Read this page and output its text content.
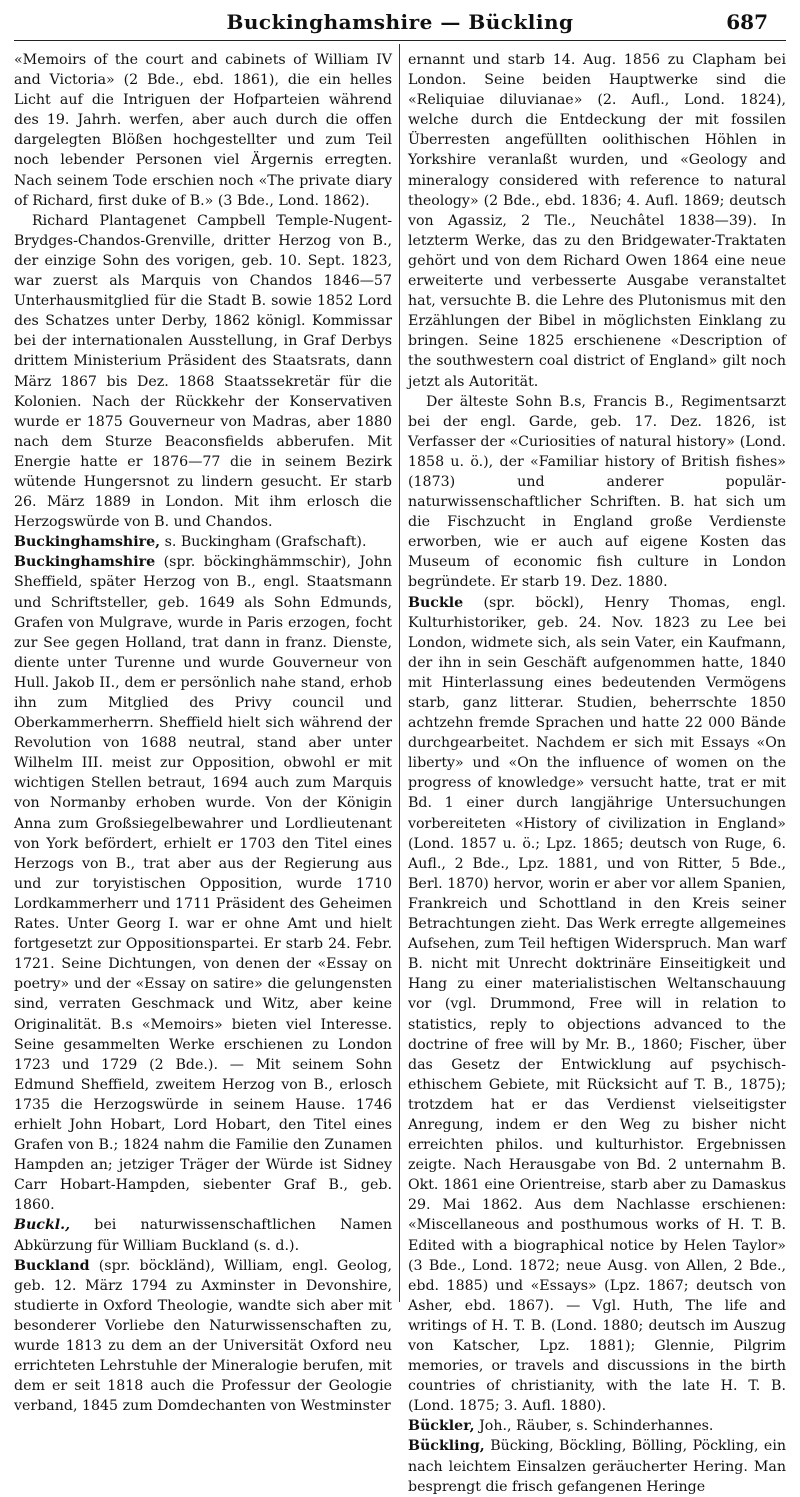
Buckinghamshire — Bückling	687

«Memoirs of the court and cabinets of William IV and Victoria» (2 Bde., ebd. 1861), die ein helles Licht auf die Intriguen der Hofparteien während des 19. Jahrh. werfen, aber auch durch die offen dargelegten Blößen hochgestellter und zum Teil noch lebender Personen viel Ärgernis erregten. Nach seinem Tode erschien noch «The private diary of Richard, first duke of B.» (3 Bde., Lond. 1862).

Richard Plantagenet Campbell Temple-Nugent-Brydges-Chandos-Grenville, dritter Herzog von B., der einzige Sohn des vorigen, geb. 10. Sept. 1823, war zuerst als Marquis von Chandos 1846—57 Unterhausmitglied für die Stadt B. sowie 1852 Lord des Schatzes unter Derby, 1862 königl. Kommissar bei der internationalen Ausstellung, in Graf Derbys drittem Ministerium Präsident des Staatsrats, dann März 1867 bis Dez. 1868 Staatssekretär für die Kolonien. Nach der Rückkehr der Konservativen wurde er 1875 Gouverneur von Madras, aber 1880 nach dem Sturze Beaconsfields abberufen. Mit Energie hatte er 1876—77 die in seinem Bezirk wütende Hungersnot zu lindern gesucht. Er starb 26. März 1889 in London. Mit ihm erlosch die Herzogswürde von B. und Chandos.

Buckinghamshire, s. Buckingham (Grafschaft).

Buckinghamshire (spr. böckinghämmschir), John Sheffield, später Herzog von B., engl. Staatsmann und Schriftsteller, geb. 1649 als Sohn Edmunds, Grafen von Mulgrave, wurde in Paris erzogen, focht zur See gegen Holland, trat dann in franz. Dienste, diente unter Turenne und wurde Gouverneur von Hull. Jakob II., dem er persönlich nahe stand, erhob ihn zum Mitglied des Privy council und Oberkammerherrn. Sheffield hielt sich während der Revolution von 1688 neutral, stand aber unter Wilhelm III. meist zur Opposition, obwohl er mit wichtigen Stellen betraut, 1694 auch zum Marquis von Normanby erhoben wurde. Von der Königin Anna zum Großsiegelbewahrer und Lordlieutenant von York befördert, erhielt er 1703 den Titel eines Herzogs von B., trat aber aus der Regierung aus und zur toryistischen Opposition, wurde 1710 Lordkammerherr und 1711 Präsident des Geheimen Rates. Unter Georg I. war er ohne Amt und hielt fortgesetzt zur Oppositionspartei. Er starb 24. Febr. 1721. Seine Dichtungen, von denen der «Essay on poetry» und der «Essay on satire» die gelungensten sind, verraten Geschmack und Witz, aber keine Originalität. B.s «Memoirs» bieten viel Interesse. Seine gesammelten Werke erschienen zu London 1723 und 1729 (2 Bde.). — Mit seinem Sohn Edmund Sheffield, zweitem Herzog von B., erlosch 1735 die Herzogswürde in seinem Hause. 1746 erhielt John Hobart, Lord Hobart, den Titel eines Grafen von B.; 1824 nahm die Familie den Zunamen Hampden an; jetziger Träger der Würde ist Sidney Carr Hobart-Hampden, siebenter Graf B., geb. 1860.

Buckl., bei naturwissenschaftlichen Namen Abkürzung für William Buckland (s. d.).

Buckland (spr. böckländ), William, engl. Geolog, geb. 12. März 1794 zu Axminster in Devonshire, studierte in Oxford Theologie, wandte sich aber mit besonderer Vorliebe den Naturwissenschaften zu, wurde 1813 zu dem an der Universität Oxford neu errichteten Lehrstuhle der Mineralogie berufen, mit dem er seit 1818 auch die Professur der Geologie verband, 1845 zum Domdechanten von Westminster

ernannt und starb 14. Aug. 1856 zu Clapham bei London. Seine beiden Hauptwerke sind die «Reliquiae diluvianae» (2. Aufl., Lond. 1824), welche durch die Entdeckung der mit fossilen Überresten angefüllten oolithischen Höhlen in Yorkshire veranlaßt wurden, und «Geology and mineralogy considered with reference to natural theology» (2 Bde., ebd. 1836; 4. Aufl. 1869; deutsch von Agassiz, 2 Tle., Neuchâtel 1838—39). In letzterm Werke, das zu den Bridgewater-Traktaten gehört und von dem Richard Owen 1864 eine neue erweiterte und verbesserte Ausgabe veranstaltet hat, versuchte B. die Lehre des Plutonismus mit den Erzählungen der Bibel in möglichsten Einklang zu bringen. Seine 1825 erschienene «Description of the southwestern coal district of England» gilt noch jetzt als Autorität.

Der älteste Sohn B.s, Francis B., Regimentsarzt bei der engl. Garde, geb. 17. Dez. 1826, ist Verfasser der «Curiosities of natural history» (Lond. 1858 u. ö.), der «Familiar history of British fishes» (1873) und anderer populär-naturwissenschaftlicher Schriften. B. hat sich um die Fischzucht in England große Verdienste erworben, wie er auch auf eigene Kosten das Museum of economic fish culture in London begründete. Er starb 19. Dez. 1880.

Buckle (spr. böckl), Henry Thomas, engl. Kulturhistoriker, geb. 24. Nov. 1823 zu Lee bei London, widmete sich, als sein Vater, ein Kaufmann, der ihn in sein Geschäft aufgenommen hatte, 1840 mit Hinterlassung eines bedeutenden Vermögens starb, ganz litterar. Studien, beherrschte 1850 achtzehn fremde Sprachen und hatte 22 000 Bände durchgearbeitet. Nachdem er sich mit Essays «On liberty» und «On the influence of women on the progress of knowledge» versucht hatte, trat er mit Bd. 1 einer durch langjährige Untersuchungen vorbereiteten «History of civilization in England» (Lond. 1857 u. ö.; Lpz. 1865; deutsch von Ruge, 6. Aufl., 2 Bde., Lpz. 1881, und von Ritter, 5 Bde., Berl. 1870) hervor, worin er aber vor allem Spanien, Frankreich und Schottland in den Kreis seiner Betrachtungen zieht. Das Werk erregte allgemeines Aufsehen, zum Teil heftigen Widerspruch. Man warf B. nicht mit Unrecht doktrinäre Einseitigkeit und Hang zu einer materialistischen Weltanschauung vor (vgl. Drummond, Free will in relation to statistics, reply to objections advanced to the doctrine of free will by Mr. B., 1860; Fischer, über das Gesetz der Entwicklung auf psychisch-ethischem Gebiete, mit Rücksicht auf T. B., 1875); trotzdem hat er das Verdienst vielseitigster Anregung, indem er den Weg zu bisher nicht erreichten philos. und kulturhistor. Ergebnissen zeigte. Nach Herausgabe von Bd. 2 unternahm B. Okt. 1861 eine Orientreise, starb aber zu Damaskus 29. Mai 1862. Aus dem Nachlasse erschienen: «Miscellaneous and posthumous works of H. T. B. Edited with a biographical notice by Helen Taylor» (3 Bde., Lond. 1872; neue Ausg. von Allen, 2 Bde., ebd. 1885) und «Essays» (Lpz. 1867; deutsch von Asher, ebd. 1867). — Vgl. Huth, The life and writings of H. T. B. (Lond. 1880; deutsch im Auszug von Katscher, Lpz. 1881); Glennie, Pilgrim memories, or travels and discussions in the birth countries of christianity, with the late H. T. B. (Lond. 1875; 3. Aufl. 1880).

Bückler, Joh., Räuber, s. Schinderhannes.

Bückling, Bücking, Böckling, Bölling, Pöckling, ein nach leichtem Einsalzen geräucherter Hering. Man besprengt die frisch gefangenen Heringe
